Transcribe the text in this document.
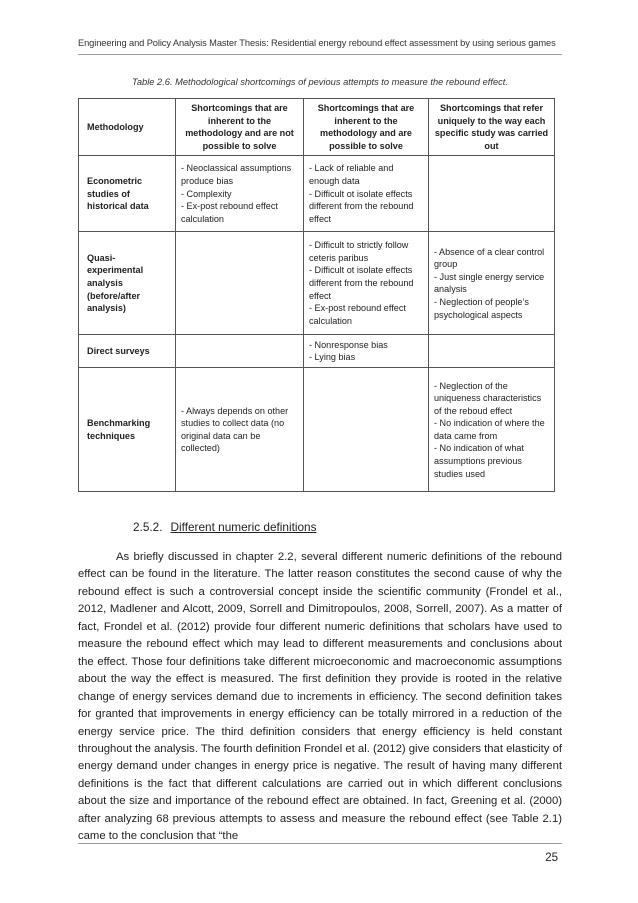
Engineering and Policy Analysis Master Thesis: Residential energy rebound effect assessment by using serious games
Table 2.6. Methodological shortcomings of pevious attempts to measure the rebound effect.
Methodology	Shortcomings that are inherent to the methodology and are not possible to solve	Shortcomings that are inherent to the methodology and are possible to solve	Shortcomings that refer uniquely to the way each specific study was carried out
Econometric studies of historical data	- Neoclassical assumptions produce bias
- Complexity
- Ex-post rebound effect calculation	- Lack of reliable and enough data
- Difficult ot isolate effects different from the rebound effect	

Quasi-experimental analysis (before/after analysis)		- Difficult to strictly follow ceteris paribus
- Difficult ot isolate effects different from the rebound effect
- Ex-post rebound effect calculation	- Absence of a clear control group
- Just single energy service analysis
- Neglection of people’s psychological aspects

Direct surveys		- Nonresponse bias
- Lying bias	

Benchmarking techniques	- Always depends on other studies to collect data (no original data can be collected)		- Neglection of the uniqueness characteristics of the reboud effect
- No indication of where the data came from
- No indication of what assumptions previous studies used
2.5.2. Different numeric definitions

As briefly discussed in chapter 2.2, several different numeric definitions of the rebound effect can be found in the literature. The latter reason constitutes the second cause of why the rebound effect is such a controversial concept inside the scientific community (Frondel et al., 2012, Madlener and Alcott, 2009, Sorrell and Dimitropoulos, 2008, Sorrell, 2007). As a matter of fact, Frondel et al. (2012) provide four different numeric definitions that scholars have used to measure the rebound effect which may lead to different measurements and conclusions about the effect. Those four definitions take different microeconomic and macroeconomic assumptions about the way the effect is measured. The first definition they provide is rooted in the relative change of energy services demand due to increments in efficiency. The second definition takes for granted that improvements in energy efficiency can be totally mirrored in a reduction of the energy service price. The third definition considers that energy efficiency is held constant throughout the analysis. The fourth definition Frondel et al. (2012) give considers that elasticity of energy demand under changes in energy price is negative. The result of having many different definitions is the fact that different calculations are carried out in which different conclusions about the size and importance of the rebound effect are obtained. In fact, Greening et al. (2000) after analyzing 68 previous attempts to assess and measure the rebound effect (see Table 2.1) came to the conclusion that “the

25
